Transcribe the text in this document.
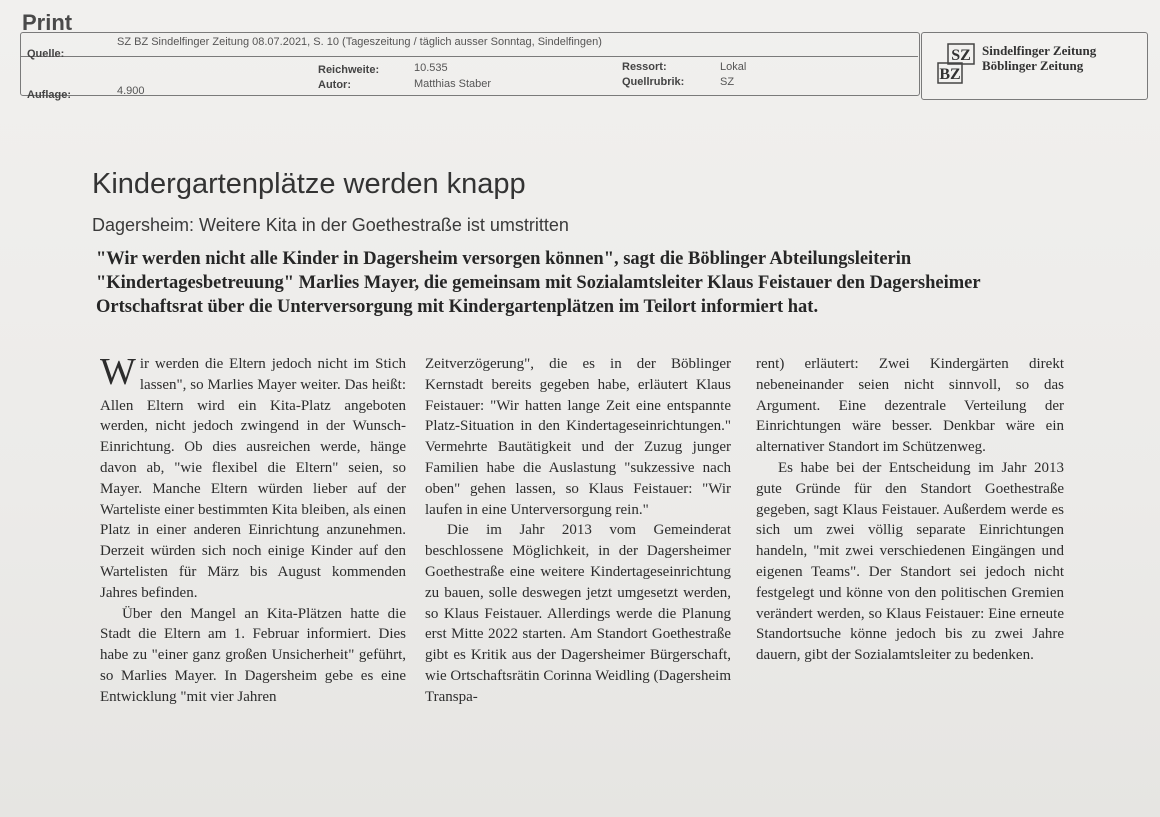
Print
Quelle:
SZ BZ Sindelfinger Zeitung 08.07.2021, S. 10 (Tageszeitung / täglich ausser Sonntag, Sindelfingen)
Reichweite:	10.535
Autor:	Matthias Staber
Ressort:	Lokal
Quellrubrik:	SZ
Auflage:	4.900
SZ
BZ
Sindelfinger Zeitung
Böblinger Zeitung
Kindergartenplätze werden knapp
Dagersheim: Weitere Kita in der Goethestraße ist umstritten
"Wir werden nicht alle Kinder in Dagersheim versorgen können", sagt die Böblinger Abteilungsleiterin "Kindertagesbetreuung" Marlies Mayer, die gemeinsam mit Sozialamtsleiter Klaus Feistauer den Dagersheimer Ortschaftsrat über die Unterversorgung mit Kindergartenplätzen im Teilort informiert hat.

Wir werden die Eltern jedoch nicht im Stich lassen", so Marlies Mayer weiter. Das heißt: Allen Eltern wird ein Kita-Platz angeboten werden, nicht jedoch zwingend in der Wunsch-Einrichtung. Ob dies ausreichen werde, hänge davon ab, "wie flexibel die Eltern" seien, so Mayer. Manche Eltern würden lieber auf der Warteliste einer bestimmten Kita bleiben, als einen Platz in einer anderen Einrichtung anzunehmen. Derzeit würden sich noch einige Kinder auf den Wartelisten für März bis August kommenden Jahres befinden.

Über den Mangel an Kita-Plätzen hatte die Stadt die Eltern am 1. Februar informiert. Dies habe zu "einer ganz großen Unsicherheit" geführt, so Marlies Mayer. In Dagersheim gebe es eine Entwicklung "mit vier Jahren

Zeitverzögerung", die es in der Böblinger Kernstadt bereits gegeben habe, erläutert Klaus Feistauer: "Wir hatten lange Zeit eine entspannte Platz-Situation in den Kindertageseinrichtungen." Vermehrte Bautätigkeit und der Zuzug junger Familien habe die Auslastung "sukzessive nach oben" gehen lassen, so Klaus Feistauer: "Wir laufen in eine Unterversorgung rein."

Die im Jahr 2013 vom Gemeinderat beschlossene Möglichkeit, in der Dagersheimer Goethestraße eine weitere Kindertageseinrichtung zu bauen, solle deswegen jetzt umgesetzt werden, so Klaus Feistauer. Allerdings werde die Planung erst Mitte 2022 starten. Am Standort Goethestraße gibt es Kritik aus der Dagersheimer Bürgerschaft, wie Ortschaftsrätin Corinna Weidling (Dagersheim Transpa-

rent) erläutert: Zwei Kindergärten direkt nebeneinander seien nicht sinnvoll, so das Argument. Eine dezentrale Verteilung der Einrichtungen wäre besser. Denkbar wäre ein alternativer Standort im Schützenweg.

Es habe bei der Entscheidung im Jahr 2013 gute Gründe für den Standort Goethestraße gegeben, sagt Klaus Feistauer. Außerdem werde es sich um zwei völlig separate Einrichtungen handeln, "mit zwei verschiedenen Eingängen und eigenen Teams". Der Standort sei jedoch nicht festgelegt und könne von den politischen Gremien verändert werden, so Klaus Feistauer: Eine erneute Standortsuche könne jedoch bis zu zwei Jahre dauern, gibt der Sozialamtsleiter zu bedenken.
